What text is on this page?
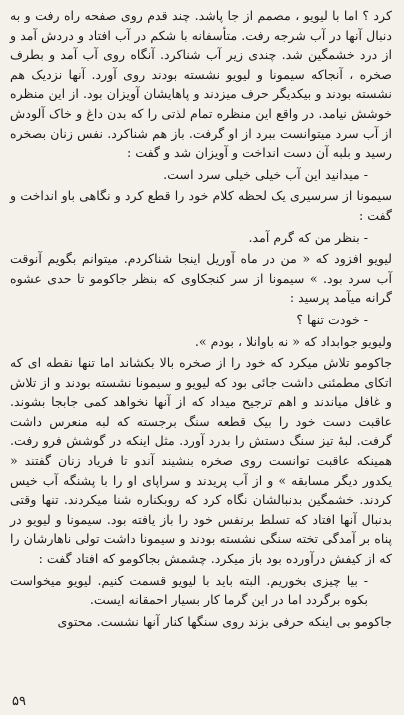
کرد ؟ اما با لیویو ، مصمم از جا پاشد. چند قدم روی صفحه راه رفت و به دنبال آنها در آب شرجه رفت. متأسفانه با شکم در آب افتاد و دردش آمد و از درد خشمگین شد. چندی زیر آب شناکرد. آنگاه روی آب آمد و بطرف صخره ، آنجاکه سیمونا و لیویو نشسته بودند روی آورد. آنها نزدیک هم نشسته بودند و بیکدیگر حرف میزدند و پاهایشان آویزان بود. از این منظره خوشش نیامد. در واقع این منظره تمام لذتی را که بدن داغ و خاک آلودش از آب سرد میتوانست ببرد از او گرفت. باز هم شناکرد. نفس زنان بصخره رسید و بلبه آن دست انداخت و آویزان شد و گفت :

- میدانید این آب خیلی خیلی سرد است.

سیمونا از سرسیری یک لحظه کلام خود را قطع کرد و نگاهی باو انداخت و گفت :

- بنظر من که گرم آمد.

لیویو افزود که « من در ماه آوریل اینجا شناکردم. میتوانم بگویم آنوقت آب سرد بود. » سیمونا از سر کنجکاوی که بنظر جاکومو تا حدی عشوه گرانه میآمد پرسید :

- خودت تنها ؟

ولیویو جوابداد که « نه باوانلا ، بودم ».

جاکومو تلاش میکرد که خود را از صخره بالا بکشاند اما تنها نقطه ای که اتکای مطمئنی داشت جائی بود که لیویو و سیمونا نشسته بودند و از تلاش و غافل میاندند و اهم ترجیح میداد که از آنها نخواهد کمی جابجا بشوند. عاقبت دست خود را بیک قطعه سنگ برجسته که لبه منعرس داشت گرفت. لبۀ تیز سنگ دستش را بدرد آورد. مثل اینکه در گوشش فرو رفت. همینکه عاقبت توانست روی صخره بنشیند آندو تا فریاد زنان گفتند « یکدور دیگر مسابقه » و از آب پریدند و سراپای او را با پشنگه آب خیس کردند. خشمگین بدنبالشان نگاه کرد که روبکناره شنا میکردند. تنها وقتی بدنبال آنها افتاد که تسلط برنفس خود را باز یافته بود. سیمونا و لیویو در پناه بر آمدگی تخته سنگی نشسته بودند و سیمونا داشت تولی ناهارشان را که از کیفش درآورده بود باز میکرد. چشمش بجاکومو که افتاد گفت :

- بیا چیزی بخوریم. البته باید با لیویو قسمت کنیم. لیویو میخواست بکوه برگردد اما در این گرما کار بسیار احمقانه ایست.

جاکومو بی اینکه حرفی بزند روی سنگها کنار آنها نشست. محتوی

۵۹
